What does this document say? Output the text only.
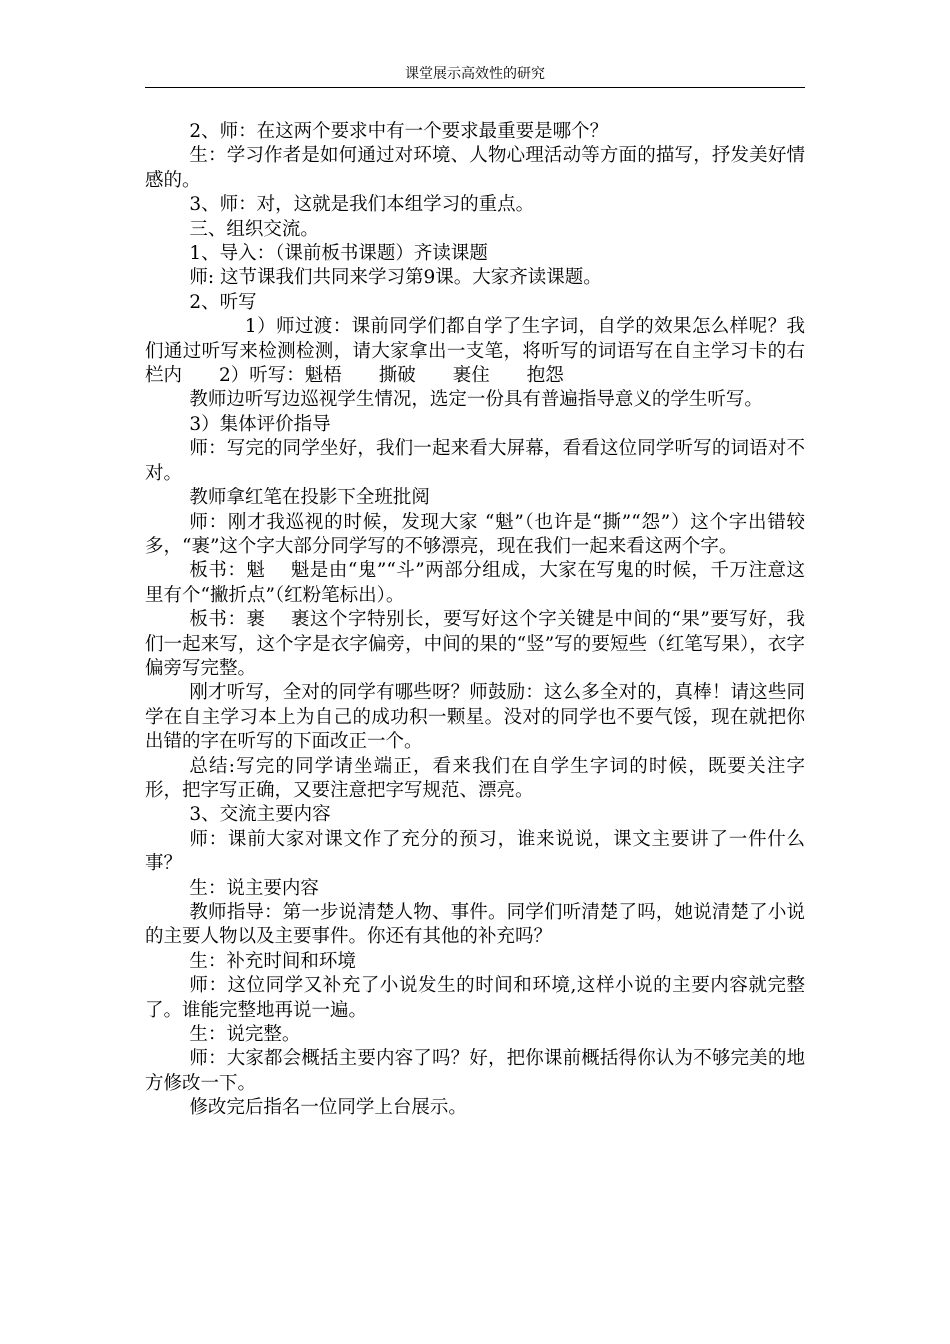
课堂展示高效性的研究

2、师：在这两个要求中有一个要求最重要是哪个？

生：学习作者是如何通过对环境、人物心理活动等方面的描写，抒发美好情感的。

3、师：对，这就是我们本组学习的重点。

三、组织交流。

1、导入：（课前板书课题）齐读课题

师: 这节课我们共同来学习第9课。大家齐读课题。

2、听写

1）师过渡：课前同学们都自学了生字词，自学的效果怎么样呢？我们通过听写来检测检测，请大家拿出一支笔，将听写的词语写在自主学习卡的右栏内　　2）听写：魁梧　　撕破　　裹住　　抱怨

教师边听写边巡视学生情况，选定一份具有普遍指导意义的学生听写。

3）集体评价指导

师：写完的同学坐好，我们一起来看大屏幕，看看这位同学听写的词语对不对。

教师拿红笔在投影下全班批阅

师：刚才我巡视的时候，发现大家 “魁”（也许是“撕”“怨”）这个字出错较多，“裹”这个字大部分同学写的不够漂亮，现在我们一起来看这两个字。

板书：魁　 魁是由“鬼”“斗”两部分组成，大家在写鬼的时候，千万注意这里有个“撇折点”（红粉笔标出）。

板书：裹　 裹这个字特别长，要写好这个字关键是中间的“果”要写好，我们一起来写，这个字是衣字偏旁，中间的果的“竖”写的要短些（红笔写果），衣字偏旁写完整。

刚才听写，全对的同学有哪些呀？师鼓励：这么多全对的，真棒！请这些同学在自主学习本上为自己的成功积一颗星。没对的同学也不要气馁，现在就把你出错的字在听写的下面改正一个。

总结:写完的同学请坐端正，看来我们在自学生字词的时候，既要关注字形，把字写正确，又要注意把字写规范、漂亮。

3、交流主要内容

师：课前大家对课文作了充分的预习，谁来说说，课文主要讲了一件什么事？

生：说主要内容

教师指导：第一步说清楚人物、事件。同学们听清楚了吗，她说清楚了小说的主要人物以及主要事件。你还有其他的补充吗？

生：补充时间和环境

师：这位同学又补充了小说发生的时间和环境,这样小说的主要内容就完整了。谁能完整地再说一遍。

生：说完整。

师：大家都会概括主要内容了吗？好，把你课前概括得你认为不够完美的地方修改一下。

修改完后指名一位同学上台展示。
